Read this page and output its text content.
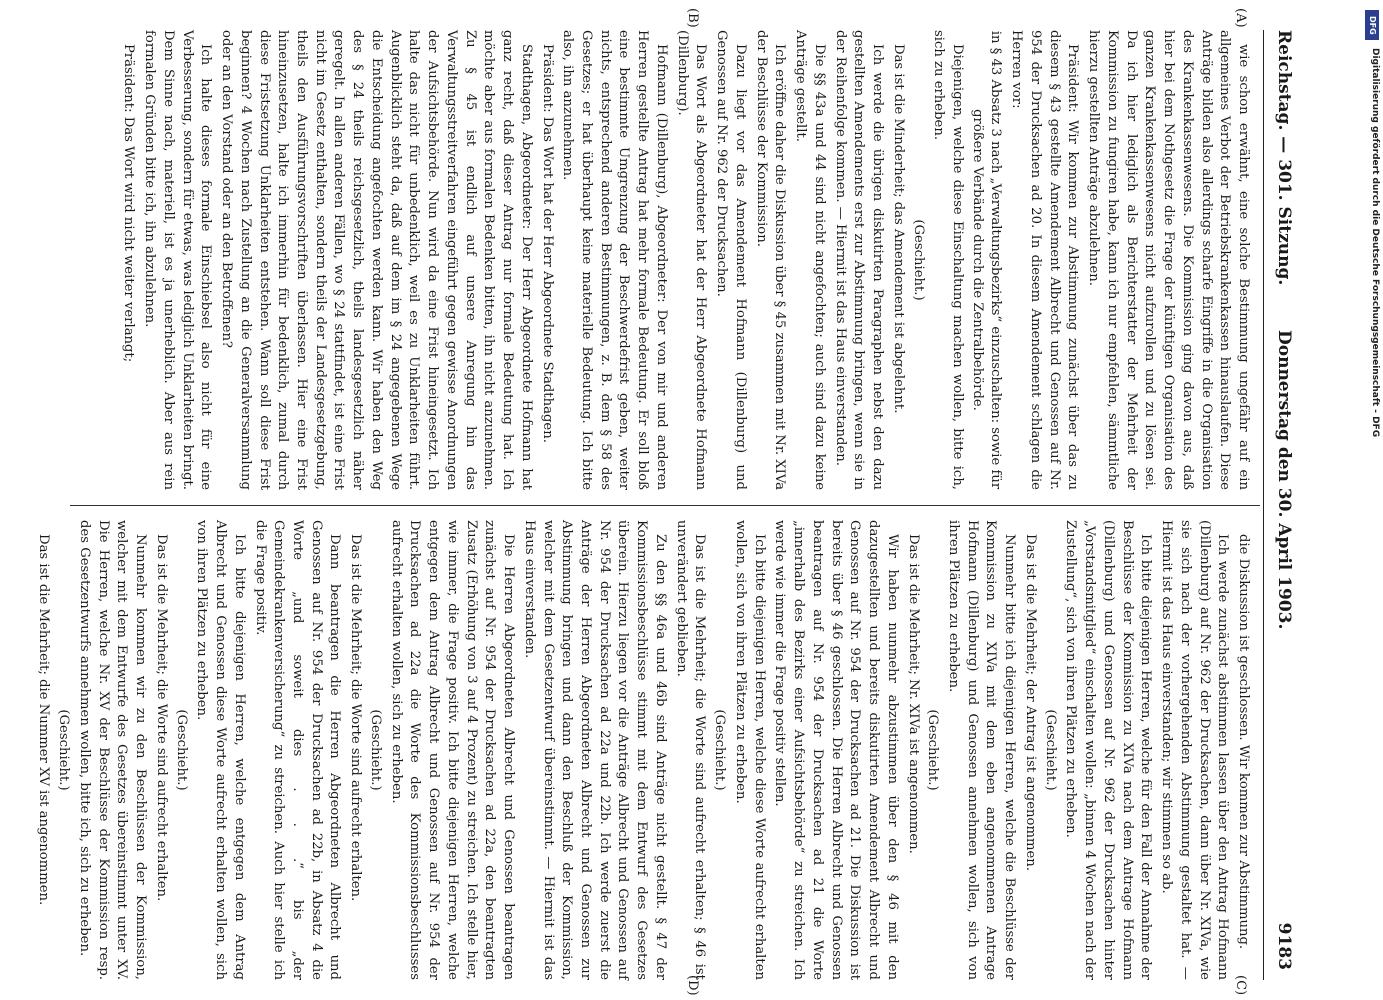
Reichstag. — 301. Sitzung.
Donnerstag den 30. April 1903.
9183
(A)
(B)
(C)
(D)

wie schon erwähnt, eine solche Bestimmung ungefähr auf ein allgemeines Verbot der Betriebskrankenkassen hinauslaufen. Diese Anträge bilden also allerdings scharfe Eingriffe in die Organisation des Krankenkassenwesens. Die Kommission ging davon aus, daß hier bei dem Nothgesetz die Frage der künftigen Organisation des ganzen Krankenkassenwesens nicht aufzurollen und zu lösen sei. Da ich hier lediglich als Berichterstatter der Mehrheit der Kommission zu fungiren habe, kann ich nur empfehlen, sämmtliche hierzu gestellten Anträge abzulehnen.

Präsident: Wir kommen zur Abstimmung zunächst über das zu diesem § 43 gestellte Amendement Albrecht und Genossen auf Nr. 954 der Drucksachen ad 20. In diesem Amendement schlagen die Herren vor:

in § 43 Absatz 3 nach „Verwaltungsbezirks“ einzuschalten: sowie für größere Verbände durch die Zentralbehörde.

Diejenigen, welche diese Einschaltung machen wollen, bitte ich, sich zu erheben.

(Geschieht.)

Das ist die Minderheit; das Amendement ist abgelehnt.

Ich werde die übrigen diskutirten Paragraphen nebst den dazu gestellten Amendements erst zur Abstimmung bringen, wenn sie in der Reihenfolge kommen. — Hiermit ist das Haus einverstanden.

Die §§ 43a und 44 sind nicht angefochten; auch sind dazu keine Anträge gestellt.

Ich eröffne daher die Diskussion über § 45 zusammen mit Nr. XIVa der Beschlüsse der Kommission.

Dazu liegt vor das Amendement Hofmann (Dillenburg) und Genossen auf Nr. 962 der Drucksachen.

Das Wort als Abgeordneter hat der Herr Abgeordnete Hofmann (Dillenburg).

Hofmann (Dillenburg), Abgeordneter: Der von mir und anderen Herren gestellte Antrag hat mehr formale Bedeutung. Er soll bloß eine bestimmte Umgrenzung der Beschwerdefrist geben, weiter nichts, entsprechend anderen Bestimmungen, z. B. dem § 58 des Gesetzes; er hat überhaupt keine materielle Bedeutung. Ich bitte also, ihn anzunehmen.

Präsident: Das Wort hat der Herr Abgeordnete Stadthagen.

Stadthagen, Abgeordneter: Der Herr Abgeordnete Hofmann hat ganz recht, daß dieser Antrag nur formale Bedeutung hat. Ich möchte aber aus formalen Bedenken bitten, ihn nicht anzunehmen. Zu § 45 ist endlich auf unsere Anregung hin das Verwaltungsstreitverfahren eingeführt gegen gewisse Anordnungen der Aufsichtsbehörde. Nun wird da eine Frist hineingesetzt. Ich halte das nicht für unbedenklich, weil es zu Unklarheiten führt. Augenblicklich steht da, daß auf dem im § 24 angegebenen Wege die Entscheidung angefochten werden kann. Wir haben den Weg des § 24 theils reichsgesetzlich, theils landesgesetzlich näher geregelt. In allen anderen Fällen, wo § 24 stattfindet, ist eine Frist nicht im Gesetz enthalten, sondern theils der Landesgesetzgebung, theils den Ausführungsvorschriften überlassen. Hier eine Frist hineinzusetzen, halte ich immerhin für bedenklich, zumal durch diese Fristsetzung Unklarheiten entstehen. Wann soll diese Frist beginnen? 4 Wochen nach Zustellung an die Generalversammlung oder an den Vorstand oder an den Betroffenen?

Ich halte dieses formale Einschiebsel also nicht für eine Verbesserung, sondern für etwas, was lediglich Unklarheiten bringt. Dem Sinne nach, materiell, ist es ja unerheblich. Aber aus rein formalen Gründen bitte ich, ihn abzulehnen.

Präsident: Das Wort wird nicht weiter verlangt;

die Diskussion ist geschlossen. Wir kommen zur Abstimmung.

Ich werde zunächst abstimmen lassen über den Antrag Hofmann (Dillenburg) auf Nr. 962 der Drucksachen, dann über Nr. XIVa, wie sie sich nach der vorhergehenden Abstimmung gestaltet hat. — Hiermit ist das Haus einverstanden; wir stimmen so ab.

Ich bitte diejenigen Herren, welche für den Fall der Annahme der Beschlüsse der Kommission zu XIVa nach dem Antrage Hofmann (Dillenburg) und Genossen auf Nr. 962 der Drucksachen hinter „Vorstandsmitglied“ einschalten wollen: „binnen 4 Wochen nach der Zustellung“, sich von ihren Plätzen zu erheben.

(Geschieht.)

Das ist die Mehrheit; der Antrag ist angenommen.

Nunmehr bitte ich diejenigen Herren, welche die Beschlüsse der Kommission zu XIVa mit dem eben angenommenen Antrage Hofmann (Dillenburg) und Genossen annehmen wollen, sich von ihren Plätzen zu erheben.

(Geschieht.)

Das ist die Mehrheit; Nr. XIVa ist angenommen.

Wir haben nunmehr abzustimmen über den § 46 mit den dazugestellten und bereits diskutirten Amendement Albrecht und Genossen auf Nr. 954 der Drucksachen ad 21. Die Diskussion ist bereits über § 46 geschlossen. Die Herren Albrecht und Genossen beantragen auf Nr. 954 der Drucksachen ad 21 die Worte „innerhalb des Bezirks einer Aufsichtsbehörde“ zu streichen. Ich werde wie immer die Frage positiv stellen.

Ich bitte diejenigen Herren, welche diese Worte aufrecht erhalten wollen, sich von ihren Plätzen zu erheben.

(Geschieht.)

Das ist die Mehrheit; die Worte sind aufrecht erhalten; § 46 ist unverändert geblieben.

Zu den §§ 46a und 46b sind Anträge nicht gestellt. § 47 der Kommissionsbeschlüsse stimmt mit dem Entwurf des Gesetzes überein. Hierzu liegen vor die Anträge Albrecht und Genossen auf Nr. 954 der Drucksachen ad 22a und 22b. Ich werde zuerst die Anträge der Herren Abgeordneten Albrecht und Genossen zur Abstimmung bringen und dann den Beschluß der Kommission, welcher mit dem Gesetzentwurf übereinstimmt. — Hiermit ist das Haus einverstanden.

Die Herren Abgeordneten Albrecht und Genossen beantragen zunächst auf Nr. 954 der Drucksachen ad 22a, den beantragten Zusatz (Erhöhung von 3 auf 4 Prozent) zu streichen. Ich stelle hier, wie immer, die Frage positiv. Ich bitte diejenigen Herren, welche entgegen dem Antrag Albrecht und Genossen auf Nr. 954 der Drucksachen ad 22a die Worte des Kommissionsbeschlusses aufrecht erhalten wollen, sich zu erheben.

(Geschieht.)

Das ist die Mehrheit; die Worte sind aufrecht erhalten.

Dann beantragen die Herren Abgeordneten Albrecht und Genossen auf Nr. 954 der Drucksachen ad 22b, in Absatz 4 die Worte „und soweit dies . . .“ bis „der Gemeindekrankenversicherung“ zu streichen. Auch hier stelle ich die Frage positiv.

Ich bitte diejenigen Herren, welche entgegen dem Antrag Albrecht und Genossen diese Worte aufrecht erhalten wollen, sich von ihren Plätzen zu erheben.

(Geschieht.)

Das ist die Mehrheit; die Worte sind aufrecht erhalten.

Nunmehr kommen wir zu den Beschlüssen der Kommission, welcher mit dem Entwurfe des Gesetzes übereinstimmt unter XV. Die Herren, welche Nr. XV der Beschlüsse der Kommission resp. des Gesetzentwurfs annehmen wollen, bitte ich, sich zu erheben.

(Geschieht.)

Das ist die Mehrheit; die Nummer XV ist angenommen.

DFG
Digitalisierung gefördert durch die Deutsche Forschungsgemeinschaft - DFG
